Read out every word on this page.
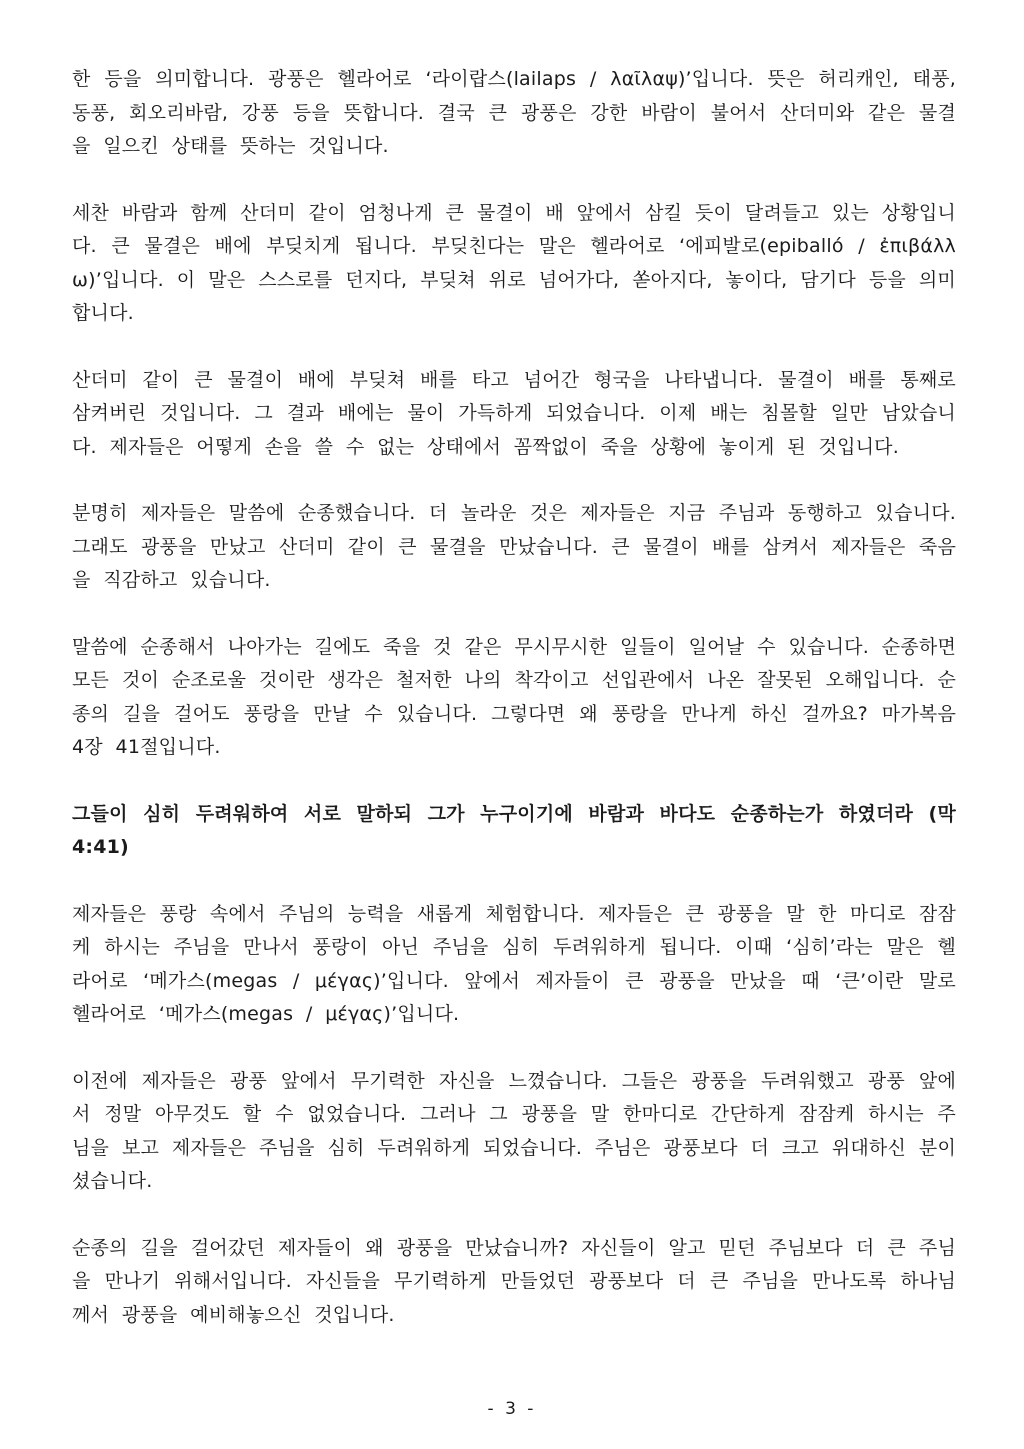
한 등을 의미합니다. 광풍은 헬라어로 ‘라이랍스(lailaps / λαῖλαψ)’입니다. 뜻은 허리캐인, 태풍, 동풍, 회오리바람, 강풍 등을 뜻합니다. 결국 큰 광풍은 강한 바람이 불어서 산더미와 같은 물결을 일으킨 상태를 뜻하는 것입니다.

세찬 바람과 함께 산더미 같이 엄청나게 큰 물결이 배 앞에서 삼킬 듯이 달려들고 있는 상황입니다. 큰 물결은 배에 부딪치게 됩니다. 부딪친다는 말은 헬라어로 ‘에피발로(epiballó / ἐπιβάλλω)’입니다. 이 말은 스스로를 던지다, 부딪쳐 위로 넘어가다, 쏟아지다, 놓이다, 담기다 등을 의미합니다.

산더미 같이 큰 물결이 배에 부딪쳐 배를 타고 넘어간 형국을 나타냅니다. 물결이 배를 통째로 삼켜버린 것입니다. 그 결과 배에는 물이 가득하게 되었습니다. 이제 배는 침몰할 일만 남았습니다. 제자들은 어떻게 손을 쓸 수 없는 상태에서 꼼짝없이 죽을 상황에 놓이게 된 것입니다.

분명히 제자들은 말씀에 순종했습니다. 더 놀라운 것은 제자들은 지금 주님과 동행하고 있습니다. 그래도 광풍을 만났고 산더미 같이 큰 물결을 만났습니다. 큰 물결이 배를 삼켜서 제자들은 죽음을 직감하고 있습니다.

말씀에 순종해서 나아가는 길에도 죽을 것 같은 무시무시한 일들이 일어날 수 있습니다. 순종하면 모든 것이 순조로울 것이란 생각은 철저한 나의 착각이고 선입관에서 나온 잘못된 오해입니다. 순종의 길을 걸어도 풍랑을 만날 수 있습니다. 그렇다면 왜 풍랑을 만나게 하신 걸까요? 마가복음 4장 41절입니다.

그들이 심히 두려워하여 서로 말하되 그가 누구이기에 바람과 바다도 순종하는가 하였더라 (막 4:41)

제자들은 풍랑 속에서 주님의 능력을 새롭게 체험합니다. 제자들은 큰 광풍을 말 한 마디로 잠잠케 하시는 주님을 만나서 풍랑이 아닌 주님을 심히 두려워하게 됩니다. 이때 ‘심히’라는 말은 헬라어로 ‘메가스(megas / μέγας)’입니다. 앞에서 제자들이 큰 광풍을 만났을 때 ‘큰’이란 말로 헬라어로 ‘메가스(megas / μέγας)’입니다.

이전에 제자들은 광풍 앞에서 무기력한 자신을 느꼈습니다. 그들은 광풍을 두려워했고 광풍 앞에서 정말 아무것도 할 수 없었습니다. 그러나 그 광풍을 말 한마디로 간단하게 잠잠케 하시는 주님을 보고 제자들은 주님을 심히 두려워하게 되었습니다. 주님은 광풍보다 더 크고 위대하신 분이셨습니다.

순종의 길을 걸어갔던 제자들이 왜 광풍을 만났습니까? 자신들이 알고 믿던 주님보다 더 큰 주님을 만나기 위해서입니다. 자신들을 무기력하게 만들었던 광풍보다 더 큰 주님을 만나도록 하나님께서 광풍을 예비해놓으신 것입니다.

- 3 -
